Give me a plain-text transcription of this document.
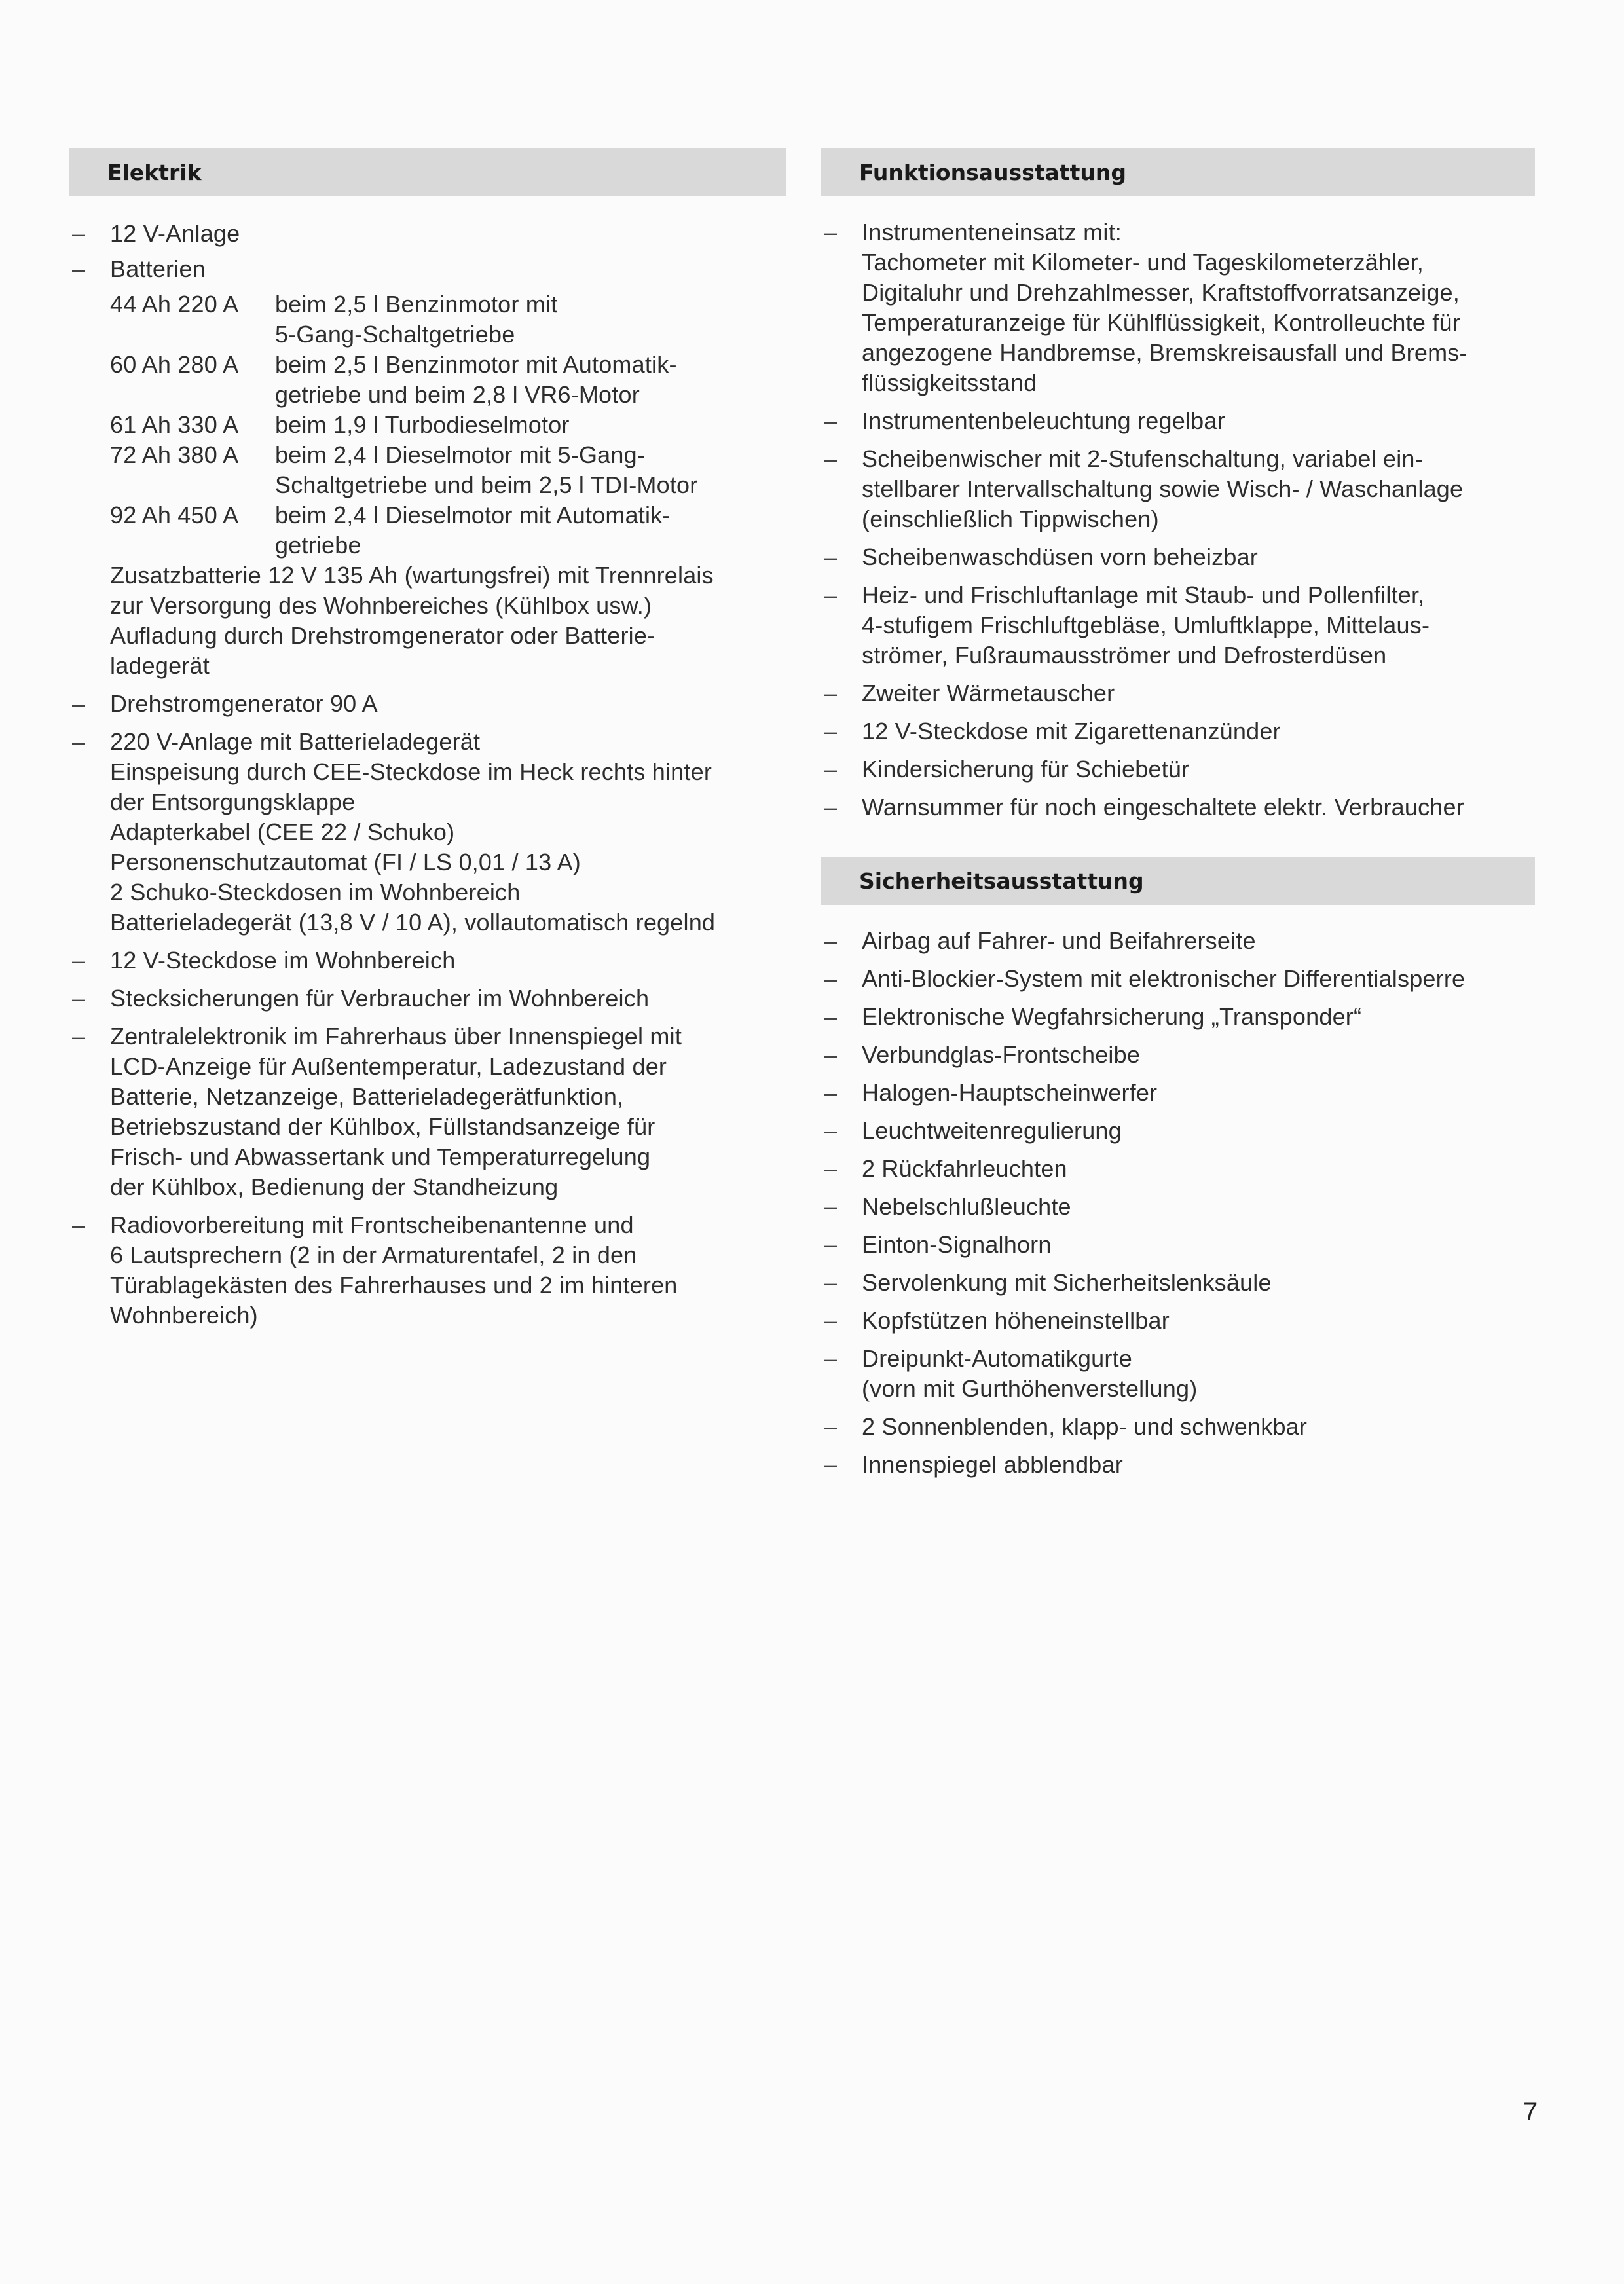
Elektrik
– 12 V-Anlage
– Batterien
44 Ah 220 A	beim 2,5 l Benzinmotor mit
5-Gang-Schaltgetriebe
60 Ah 280 A	beim 2,5 l Benzinmotor mit Automatik-
getriebe und beim 2,8 l VR6-Motor
61 Ah 330 A	beim 1,9 l Turbodieselmotor
72 Ah 380 A	beim 2,4 l Dieselmotor mit 5-Gang-
Schaltgetriebe und beim 2,5 l TDI-Motor
92 Ah 450 A	beim 2,4 l Dieselmotor mit Automatik-
getriebe
Zusatzbatterie 12 V 135 Ah (wartungsfrei) mit Trennrelais
zur Versorgung des Wohnbereiches (Kühlbox usw.)
Aufladung durch Drehstromgenerator oder Batterie-
ladegerät
– Drehstromgenerator 90 A
– 220 V-Anlage mit Batterieladegerät
Einspeisung durch CEE-Steckdose im Heck rechts hinter
der Entsorgungsklappe
Adapterkabel (CEE 22 / Schuko)
Personenschutzautomat (FI / LS 0,01 / 13 A)
2 Schuko-Steckdosen im Wohnbereich
Batterieladegerät (13,8 V / 10 A), vollautomatisch regelnd
– 12 V-Steckdose im Wohnbereich
– Stecksicherungen für Verbraucher im Wohnbereich
– Zentralelektronik im Fahrerhaus über Innenspiegel mit
LCD-Anzeige für Außentemperatur, Ladezustand der
Batterie, Netzanzeige, Batterieladegerätfunktion,
Betriebszustand der Kühlbox, Füllstandsanzeige für
Frisch- und Abwassertank und Temperaturregelung
der Kühlbox, Bedienung der Standheizung
– Radiovorbereitung mit Frontscheibenantenne und
6 Lautsprechern (2 in der Armaturentafel, 2 in den
Türablagekästen des Fahrerhauses und 2 im hinteren
Wohnbereich)
Funktionsausstattung
– Instrumenteneinsatz mit:
Tachometer mit Kilometer- und Tageskilometerzähler,
Digitaluhr und Drehzahlmesser, Kraftstoffvorratsanzeige,
Temperaturanzeige für Kühlflüssigkeit, Kontrolleuchte für
angezogene Handbremse, Bremskreisausfall und Brems-
flüssigkeitsstand
– Instrumentenbeleuchtung regelbar
– Scheibenwischer mit 2-Stufenschaltung, variabel ein-
stellbarer Intervallschaltung sowie Wisch- / Waschanlage
(einschließlich Tippwischen)
– Scheibenwaschdüsen vorn beheizbar
– Heiz- und Frischluftanlage mit Staub- und Pollenfilter,
4-stufigem Frischluftgebläse, Umluftklappe, Mittelaus-
strömer, Fußraumausströmer und Defrosterdüsen
– Zweiter Wärmetauscher
– 12 V-Steckdose mit Zigarettenanzünder
– Kindersicherung für Schiebetür
– Warnsummer für noch eingeschaltete elektr. Verbraucher
Sicherheitsausstattung
– Airbag auf Fahrer- und Beifahrerseite
– Anti-Blockier-System mit elektronischer Differentialsperre
– Elektronische Wegfahrsicherung „Transponder“
– Verbundglas-Frontscheibe
– Halogen-Hauptscheinwerfer
– Leuchtweitenregulierung
– 2 Rückfahrleuchten
– Nebelschlußleuchte
– Einton-Signalhorn
– Servolenkung mit Sicherheitslenksäule
– Kopfstützen höheneinstellbar
– Dreipunkt-Automatikgurte
(vorn mit Gurthöhenverstellung)
– 2 Sonnenblenden, klapp- und schwenkbar
– Innenspiegel abblendbar
7
